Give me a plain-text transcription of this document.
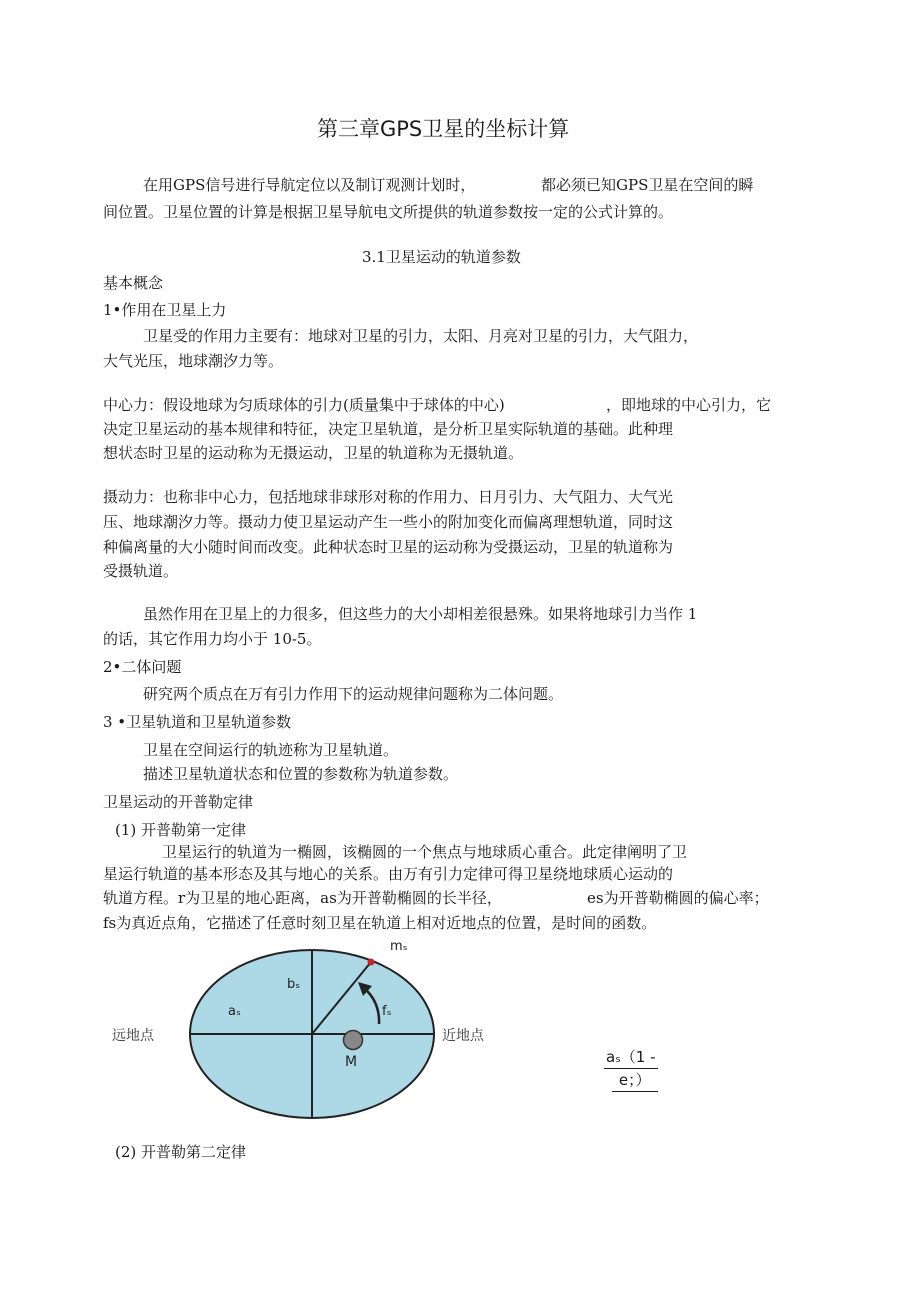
第三章GPS卫星的坐标计算
在用GPS信号进行导航定位以及制订观测计划时，	都必须已知GPS卫星在空间的瞬
间位置。卫星位置的计算是根据卫星导航电文所提供的轨道参数按一定的公式计算的。
3.1卫星运动的轨道参数
基本概念
1•作用在卫星上力
卫星受的作用力主要有：地球对卫星的引力，太阳、月亮对卫星的引力，大气阻力，
大气光压，地球潮汐力等。
中心力：假设地球为匀质球体的引力(质量集中于球体的中心)	，即地球的中心引力，它
决定卫星运动的基本规律和特征，决定卫星轨道，是分析卫星实际轨道的基础。此种理
想状态时卫星的运动称为无摄运动，卫星的轨道称为无摄轨道。
摄动力：也称非中心力，包括地球非球形对称的作用力、日月引力、大气阻力、大气光
压、地球潮汐力等。摄动力使卫星运动产生一些小的附加变化而偏离理想轨道，同时这
种偏离量的大小随时间而改变。此种状态时卫星的运动称为受摄运动，卫星的轨道称为
受摄轨道。
虽然作用在卫星上的力很多，但这些力的大小却相差很悬殊。如果将地球引力当作 1
的话，其它作用力均小于 10-5。
2•二体问题
研究两个质点在万有引力作用下的运动规律问题称为二体问题。
3 •卫星轨道和卫星轨道参数
卫星在空间运行的轨迹称为卫星轨道。
描述卫星轨道状态和位置的参数称为轨道参数。
卫星运动的开普勒定律
(1) 开普勒第一定律
卫星运行的轨道为一椭圆，该椭圆的一个焦点与地球质心重合。此定律阐明了卫
星运行轨道的基本形态及其与地心的关系。由万有引力定律可得卫星绕地球质心运动的
轨道方程。r为卫星的地心距离，as为开普勒椭圆的长半径，	es为开普勒椭圆的偏心率；
fs为真近点角，它描述了任意时刻卫星在轨道上相对近地点的位置，是时间的函数。
mₛ
bₛ
aₛ	fₛ
M
远地点	近地点
$\frac{\text{aₛ（1 -}}{e;)}$
(2) 开普勒第二定律
